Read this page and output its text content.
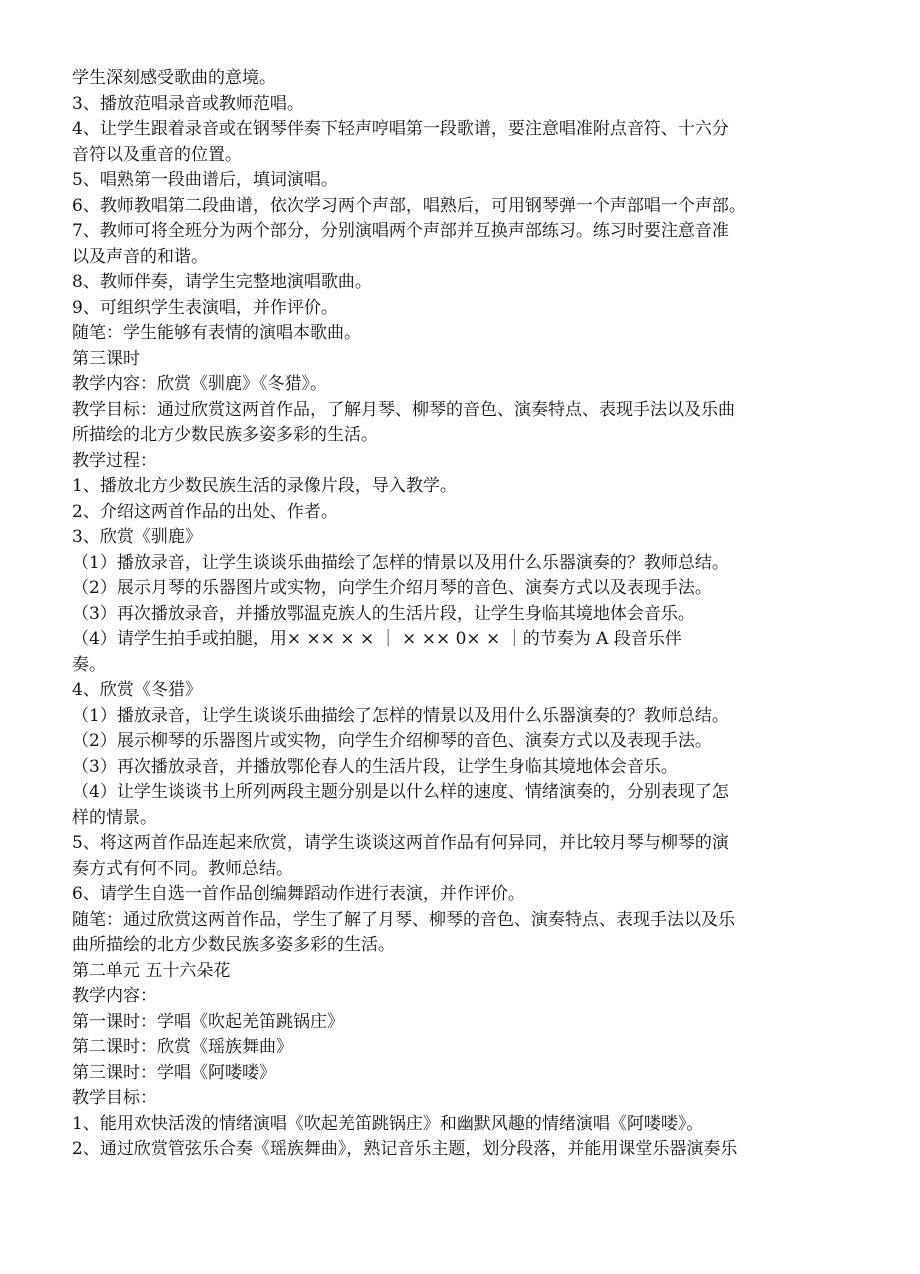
学生深刻感受歌曲的意境。
3、播放范唱录音或教师范唱。
4、让学生跟着录音或在钢琴伴奏下轻声哼唱第一段歌谱，要注意唱准附点音符、十六分
音符以及重音的位置。
5、唱熟第一段曲谱后，填词演唱。
6、教师教唱第二段曲谱，依次学习两个声部，唱熟后，可用钢琴弹一个声部唱一个声部。
7、教师可将全班分为两个部分，分别演唱两个声部并互换声部练习。练习时要注意音准
以及声音的和谐。
8、教师伴奏，请学生完整地演唱歌曲。
9、可组织学生表演唱，并作评价。
随笔：学生能够有表情的演唱本歌曲。
第三课时
教学内容：欣赏《驯鹿》《冬猎》。
教学目标：通过欣赏这两首作品，了解月琴、柳琴的音色、演奏特点、表现手法以及乐曲
所描绘的北方少数民族多姿多彩的生活。
教学过程：
1、播放北方少数民族生活的录像片段，导入教学。
2、介绍这两首作品的出处、作者。
3、欣赏《驯鹿》
（1）播放录音，让学生谈谈乐曲描绘了怎样的情景以及用什么乐器演奏的？教师总结。
（2）展示月琴的乐器图片或实物，向学生介绍月琴的音色、演奏方式以及表现手法。
（3）再次播放录音，并播放鄂温克族人的生活片段，让学生身临其境地体会音乐。
（4）请学生拍手或拍腿，用× ×× × × ｜ × ×× 0× × ｜的节奏为 A 段音乐伴
奏。
4、欣赏《冬猎》
（1）播放录音，让学生谈谈乐曲描绘了怎样的情景以及用什么乐器演奏的？教师总结。
（2）展示柳琴的乐器图片或实物，向学生介绍柳琴的音色、演奏方式以及表现手法。
（3）再次播放录音，并播放鄂伦春人的生活片段，让学生身临其境地体会音乐。
（4）让学生谈谈书上所列两段主题分别是以什么样的速度、情绪演奏的，分别表现了怎
样的情景。
5、将这两首作品连起来欣赏，请学生谈谈这两首作品有何异同，并比较月琴与柳琴的演
奏方式有何不同。教师总结。
6、请学生自选一首作品创编舞蹈动作进行表演，并作评价。
随笔：通过欣赏这两首作品，学生了解了月琴、柳琴的音色、演奏特点、表现手法以及乐
曲所描绘的北方少数民族多姿多彩的生活。
第二单元 五十六朵花
教学内容：
第一课时：学唱《吹起羌笛跳锅庄》
第二课时：欣赏《瑶族舞曲》
第三课时：学唱《阿喽喽》
教学目标：
1、能用欢快活泼的情绪演唱《吹起羌笛跳锅庄》和幽默风趣的情绪演唱《阿喽喽》。
2、通过欣赏管弦乐合奏《瑶族舞曲》，熟记音乐主题，划分段落，并能用课堂乐器演奏乐
